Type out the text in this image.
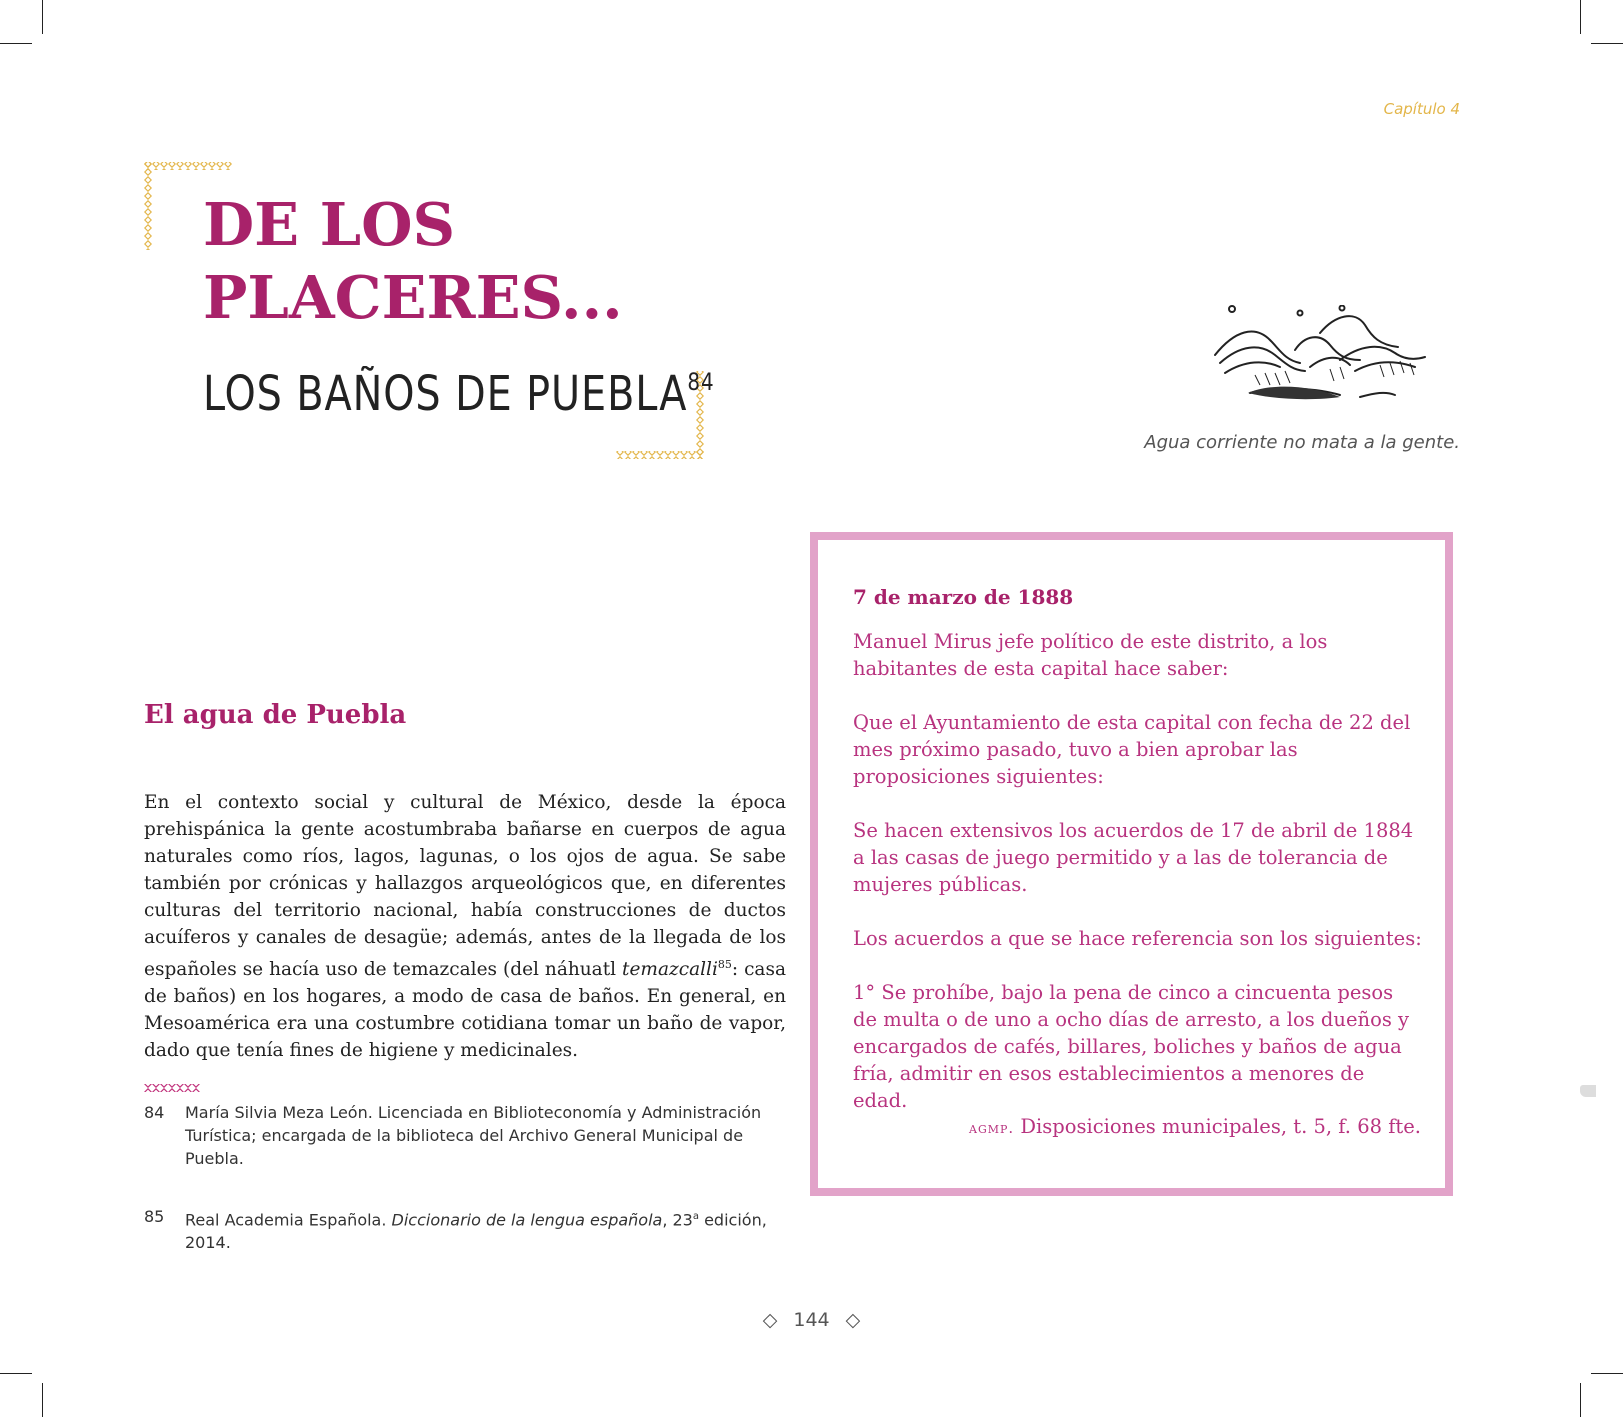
Capítulo 4
DE LOS
PLACERES...
LOS BAÑOS DE PUEBLA$^{84}$
Agua corriente no mata a la gente.
El agua de Puebla

En el contexto social y cultural de México, desde la época prehispánica la gente acostumbraba bañarse en cuerpos de agua naturales como ríos, lagos, lagunas, o los ojos de agua. Se sabe también por crónicas y hallazgos arqueológicos que, en diferentes culturas del territorio nacional, había construcciones de ductos acuíferos y canales de desagüe; además, antes de la llegada de los españoles se hacía uso de temazcales (del náhuatl temazcalli$^{85}$: casa de baños) en los hogares, a modo de casa de baños. En general, en Mesoamérica era una costumbre cotidiana tomar un baño de vapor, dado que tenía fines de higiene y medicinales.

84 María Silvia Meza León. Licenciada en Biblioteconomía y Administración Turística; encargada de la biblioteca del Archivo General Municipal de Puebla.
85 Real Academia Española. Diccionario de la lengua española, 23$^a$ edición, 2014.
7 de marzo de 1888

Manuel Mirus jefe político de este distrito, a los habitantes de esta capital hace saber:

Que el Ayuntamiento de esta capital con fecha de 22 del mes próximo pasado, tuvo a bien aprobar las proposiciones siguientes:

Se hacen extensivos los acuerdos de 17 de abril de 1884 a las casas de juego permitido y a las de tolerancia de mujeres públicas.

Los acuerdos a que se hace referencia son los siguientes:

1° Se prohíbe, bajo la pena de cinco a cincuenta pesos de multa o de uno a ocho días de arresto, a los dueños y encargados de cafés, billares, boliches y baños de agua fría, admitir en esos establecimientos a menores de edad.

agmp. Disposiciones municipales, t. 5, f. 68 fte.
◇ 144 ◇
